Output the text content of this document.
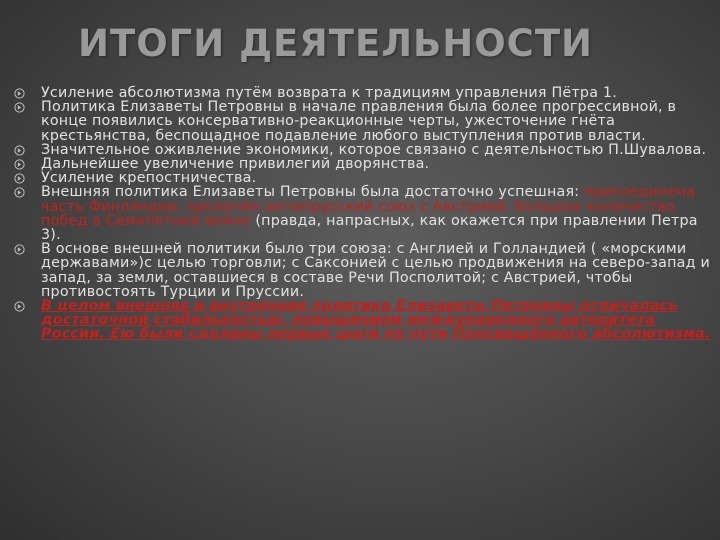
ИТОГИ ДЕЯТЕЛЬНОСТИ
Усиление абсолютизма путём возврата к традициям управления Пётра 1.
Политика Елизаветы Петровны в начале правления была более прогрессивной, в конце появились консервативно-реакционные черты, ужесточение гнёта крестьянства, беспощадное подавление любого выступления против власти.
Значительное оживление экономики, которое связано с деятельностью П.Шувалова.
Дальнейшее увеличение привилегий дворянства.
Усиление крепостничества.
Внешняя политика Елизаветы Петровны была достаточно успешная: присоединена часть Финляндии, заключён антипрусский союз с Австрией, большое количество побед в Семилетней войне (правда, напрасных, как окажется при правлении Петра 3).
В основе внешней политики было три союза: с Англией и Голландией ( «морскими державами»)с целью торговли; с Саксонией с целью продвижения на северо-запад и запад, за земли, оставшиеся в составе Речи Посполитой; с Австрией, чтобы противостоять Турции и Пруссии.
В целом внешняя и внутренняя политика Елизаветы Петровны отличалась достаточной стабильностью, повышением международного авторитета России. Ею были сделаны первые шаги по пути Просвещённого абсолютизма.
